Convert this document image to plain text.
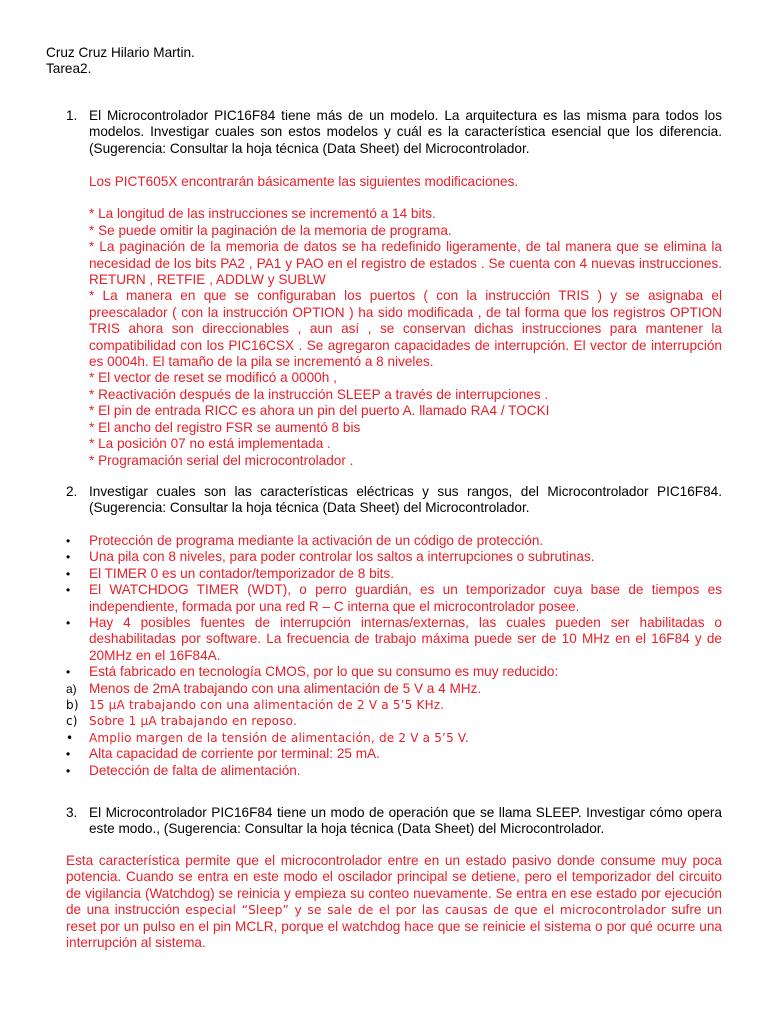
Cruz Cruz Hilario Martin.
Tarea2.
1. El Microcontrolador PIC16F84 tiene más de un modelo. La arquitectura es las misma para todos los modelos. Investigar cuales son estos modelos y cuál es la característica esencial que los diferencia. (Sugerencia: Consultar la hoja técnica (Data Sheet) del Microcontrolador.

Los PICT605X encontrarán básicamente las siguientes modificaciones.

* La longitud de las instrucciones se incrementó a 14 bits.

* Se puede omitir la paginación de la memoria de programa.

* La paginación de la memoria de datos se ha redefinido ligeramente, de tal manera que se elimina la necesidad de los bits PA2 , PA1 y PAO en el registro de estados . Se cuenta con 4 nuevas instrucciones. RETURN , RETFIE , ADDLW y SUBLW

* La manera en que se configuraban los puertos ( con la instrucción TRIS ) y se asignaba el preescalador ( con la instrucción OPTION ) ha sido modificada , de tal forma que los registros OPTION TRIS ahora son direccionables , aun así , se conservan dichas instrucciones para mantener la compatibilidad con los PIC16CSX . Se agregaron capacidades de interrupción. El vector de interrupción es 0004h. El tamaño de la pila se incrementó a 8 niveles.

* El vector de reset se modificó a 0000h ,

* Reactivación después de la instrucción SLEEP a través de interrupciones .

* El pin de entrada RICC es ahora un pin del puerto A. llamado RA4 / TOCKI

* El ancho del registro FSR se aumentó 8 bis

* La posición 07 no está implementada .

* Programación serial del microcontrolador .

2. Investigar cuales son las características eléctricas y sus rangos, del Microcontrolador PIC16F84. (Sugerencia: Consultar la hoja técnica (Data Sheet) del Microcontrolador.
• Protección de programa mediante la activación de un código de protección.
• Una pila con 8 niveles, para poder controlar los saltos a interrupciones o subrutinas.
• El TIMER 0 es un contador/temporizador de 8 bits.
• El WATCHDOG TIMER (WDT), o perro guardián, es un temporizador cuya base de tiempos es independiente, formada por una red R – C interna que el microcontrolador posee.
• Hay 4 posibles fuentes de interrupción internas/externas, las cuales pueden ser habilitadas o deshabilitadas por software. La frecuencia de trabajo máxima puede ser de 10 MHz en el 16F84 y de 20MHz en el 16F84A.
• Está fabricado en tecnología CMOS, por lo que su consumo es muy reducido:
a) Menos de 2mA trabajando con una alimentación de 5 V a 4 MHz.
b) 15 μA trabajando con una alimentación de 2 V a 5’5 KHz.
c) Sobre 1 μA trabajando en reposo.
• Amplio margen de la tensión de alimentación, de 2 V a 5’5 V.
• Alta capacidad de corriente por terminal: 25 mA.
• Detección de falta de alimentación.
3. El Microcontrolador PIC16F84 tiene un modo de operación que se llama SLEEP. Investigar cómo opera este modo., (Sugerencia: Consultar la hoja técnica (Data Sheet) del Microcontrolador.
Esta característica permite que el microcontrolador entre en un estado pasivo donde consume muy poca potencia. Cuando se entra en este modo el oscilador principal se detiene, pero el temporizador del circuito de vigilancia (Watchdog) se reinicia y empieza su conteo nuevamente. Se entra en ese estado por ejecución de una instrucción especial “Sleep” y se sale de el por las causas de que el microcontrolador sufre un reset por un pulso en el pin MCLR, porque el watchdog hace que se reinicie el sistema o por qué ocurre una interrupción al sistema.
